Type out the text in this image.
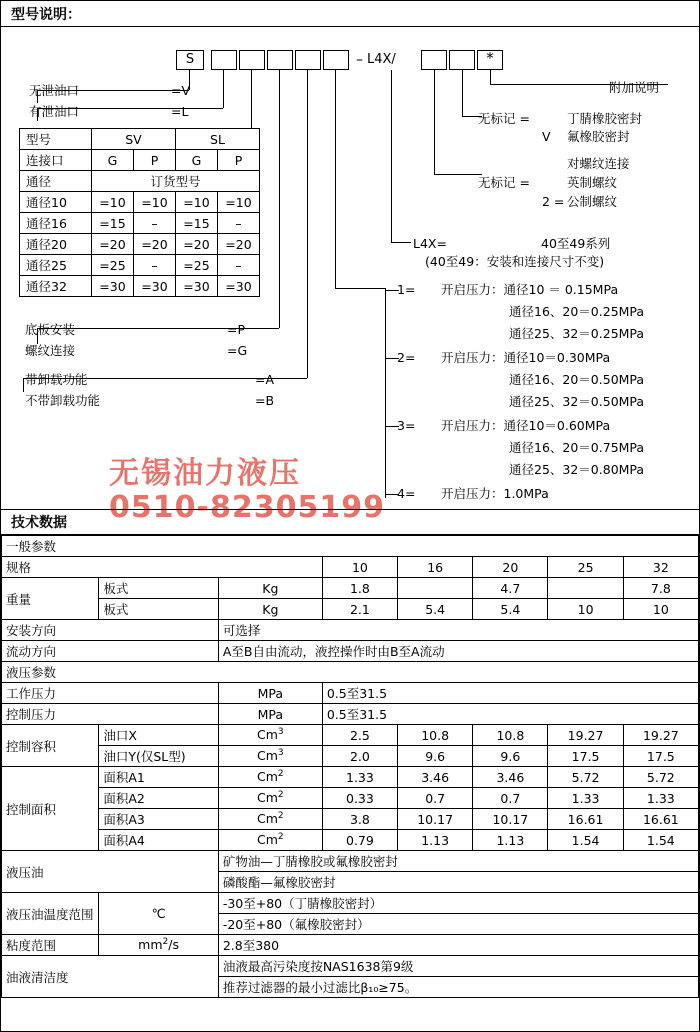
型号说明：
S	– L4X/	*
无泄油口	=V
有泄油口	=L
底板安装	=P
螺纹连接	=G
带卸载功能	=A
不带卸载功能	=B
型号	SV		SL	
连接口	G	P	G	P
通径	订货型号			
通径10	=10	=10	=10	=10
通径16	=15	–	=15	–
通径20	=20	=20	=20	=20
通径25	=25	–	=25	–
通径32	=30	=30	=30	=30
附加说明
无标记 =	丁腈橡胶密封
V 氟橡胶密封
对螺纹连接
无标记 =	英制螺纹
2 = 公制螺纹
L4X=	40至49系列
(40至49：安装和连接尺寸不变)
1= 开启压力：通径10 ＝ 0.15MPa
通径16、20＝0.25MPa
通径25、32＝0.25MPa
2= 开启压力：通径10＝0.30MPa
通径16、20＝0.50MPa
通径25、32＝0.50MPa
3= 开启压力：通径10＝0.60MPa
通径16、20＝0.75MPa
通径25、32＝0.80MPa
4= 开启压力：1.0MPa
无锡油力液压
0510-82305199
技术数据
一般参数							
规格			10	16	20	25	32
重量	板式	Kg	1.8		4.7		7.8
	板式	Kg	2.1	5.4	5.4	10	10
安装方向		可选择					
流动方向		A至B自由流动，液控操作时由B至A流动					
液压参数							
工作压力		MPa	0.5至31.5				
控制压力		MPa	0.5至31.5				
控制容积	油口X	Cm$^3$	2.5	10.8	10.8	19.27	19.27
	油口Y(仅SL型)	Cm$^3$	2.0	9.6	9.6	17.5	17.5
控制面积	面积A1	Cm$^2$	1.33	3.46	3.46	5.72	5.72
	面积A2	Cm$^2$	0.33	0.7	0.7	1.33	1.33
	面积A3	Cm$^2$	3.8	10.17	10.17	16.61	16.61
	面积A4	Cm$^2$	0.79	1.13	1.13	1.54	1.54
液压油		矿物油—丁腈橡胶或氟橡胶密封					
		磷酸酯—氟橡胶密封					
液压油温度范围	℃	-30至+80（丁腈橡胶密封）					
		-20至+80（氟橡胶密封）					
粘度范围	$mm^2/s$	2.8至380					
油液清洁度		油液最高污染度按NAS1638第9级					
		推荐过滤器的最小过滤比β₁₀≥75。					
